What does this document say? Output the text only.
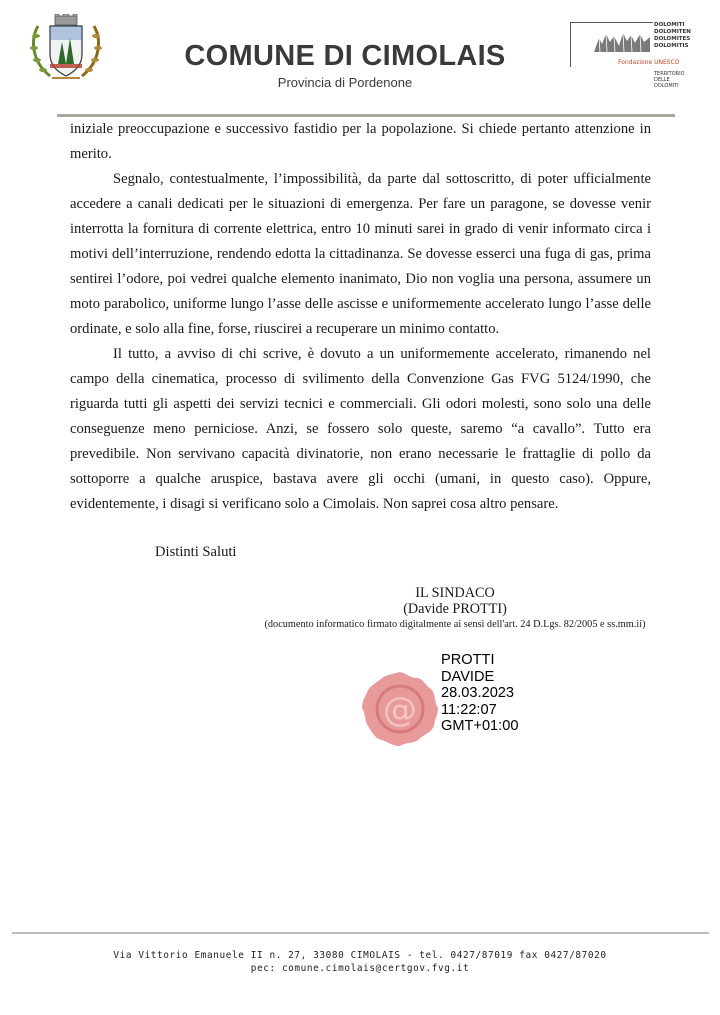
COMUNE DI CIMOLAIS
Provincia di Pordenone
DOLOMITI
DOLOMITEN
DOLOMITES
DOLOMITIS
Fondazione UNESCO
TERRITORIO
DELLE
DOLOMITI

iniziale preoccupazione e successivo fastidio per la popolazione. Si chiede pertanto attenzione in merito.

Segnalo, contestualmente, l’impossibilità, da parte dal sottoscritto, di poter ufficialmente accedere a canali dedicati per le situazioni di emergenza. Per fare un paragone, se dovesse venir interrotta la fornitura di corrente elettrica, entro 10 minuti sarei in grado di venir informato circa i motivi dell’interruzione, rendendo edotta la cittadinanza. Se dovesse esserci una fuga di gas, prima sentirei l’odore, poi vedrei qualche elemento inanimato, Dio non voglia una persona, assumere un moto parabolico, uniforme lungo l’asse delle ascisse e uniformemente accelerato lungo l’asse delle ordinate, e solo alla fine, forse, riuscirei a recuperare un minimo contatto.

Il tutto, a avviso di chi scrive, è dovuto a un uniformemente accelerato, rimanendo nel campo della cinematica, processo di svilimento della Convenzione Gas FVG 5124/1990, che riguarda tutti gli aspetti dei servizi tecnici e commerciali. Gli odori molesti, sono solo una delle conseguenze meno perniciose. Anzi, se fossero solo queste, saremo “a cavallo”. Tutto era prevedibile. Non servivano capacità divinatorie, non erano necessarie le frattaglie di pollo da sottoporre a qualche aruspice, bastava avere gli occhi (umani, in questo caso). Oppure, evidentemente, i disagi si verificano solo a Cimolais. Non saprei cosa altro pensare.

Distinti Saluti
IL SINDACO
(Davide PROTTI)
(documento informatico firmato digitalmente ai sensi dell'art. 24 D.Lgs. 82/2005 e ss.mm.ii)
@
PROTTI
DAVIDE
28.03.2023
11:22:07
GMT+01:00
Via Vittorio Emanuele II n. 27, 33080 CIMOLAIS - tel. 0427/87019 fax 0427/87020
pec: comune.cimolais@certgov.fvg.it
